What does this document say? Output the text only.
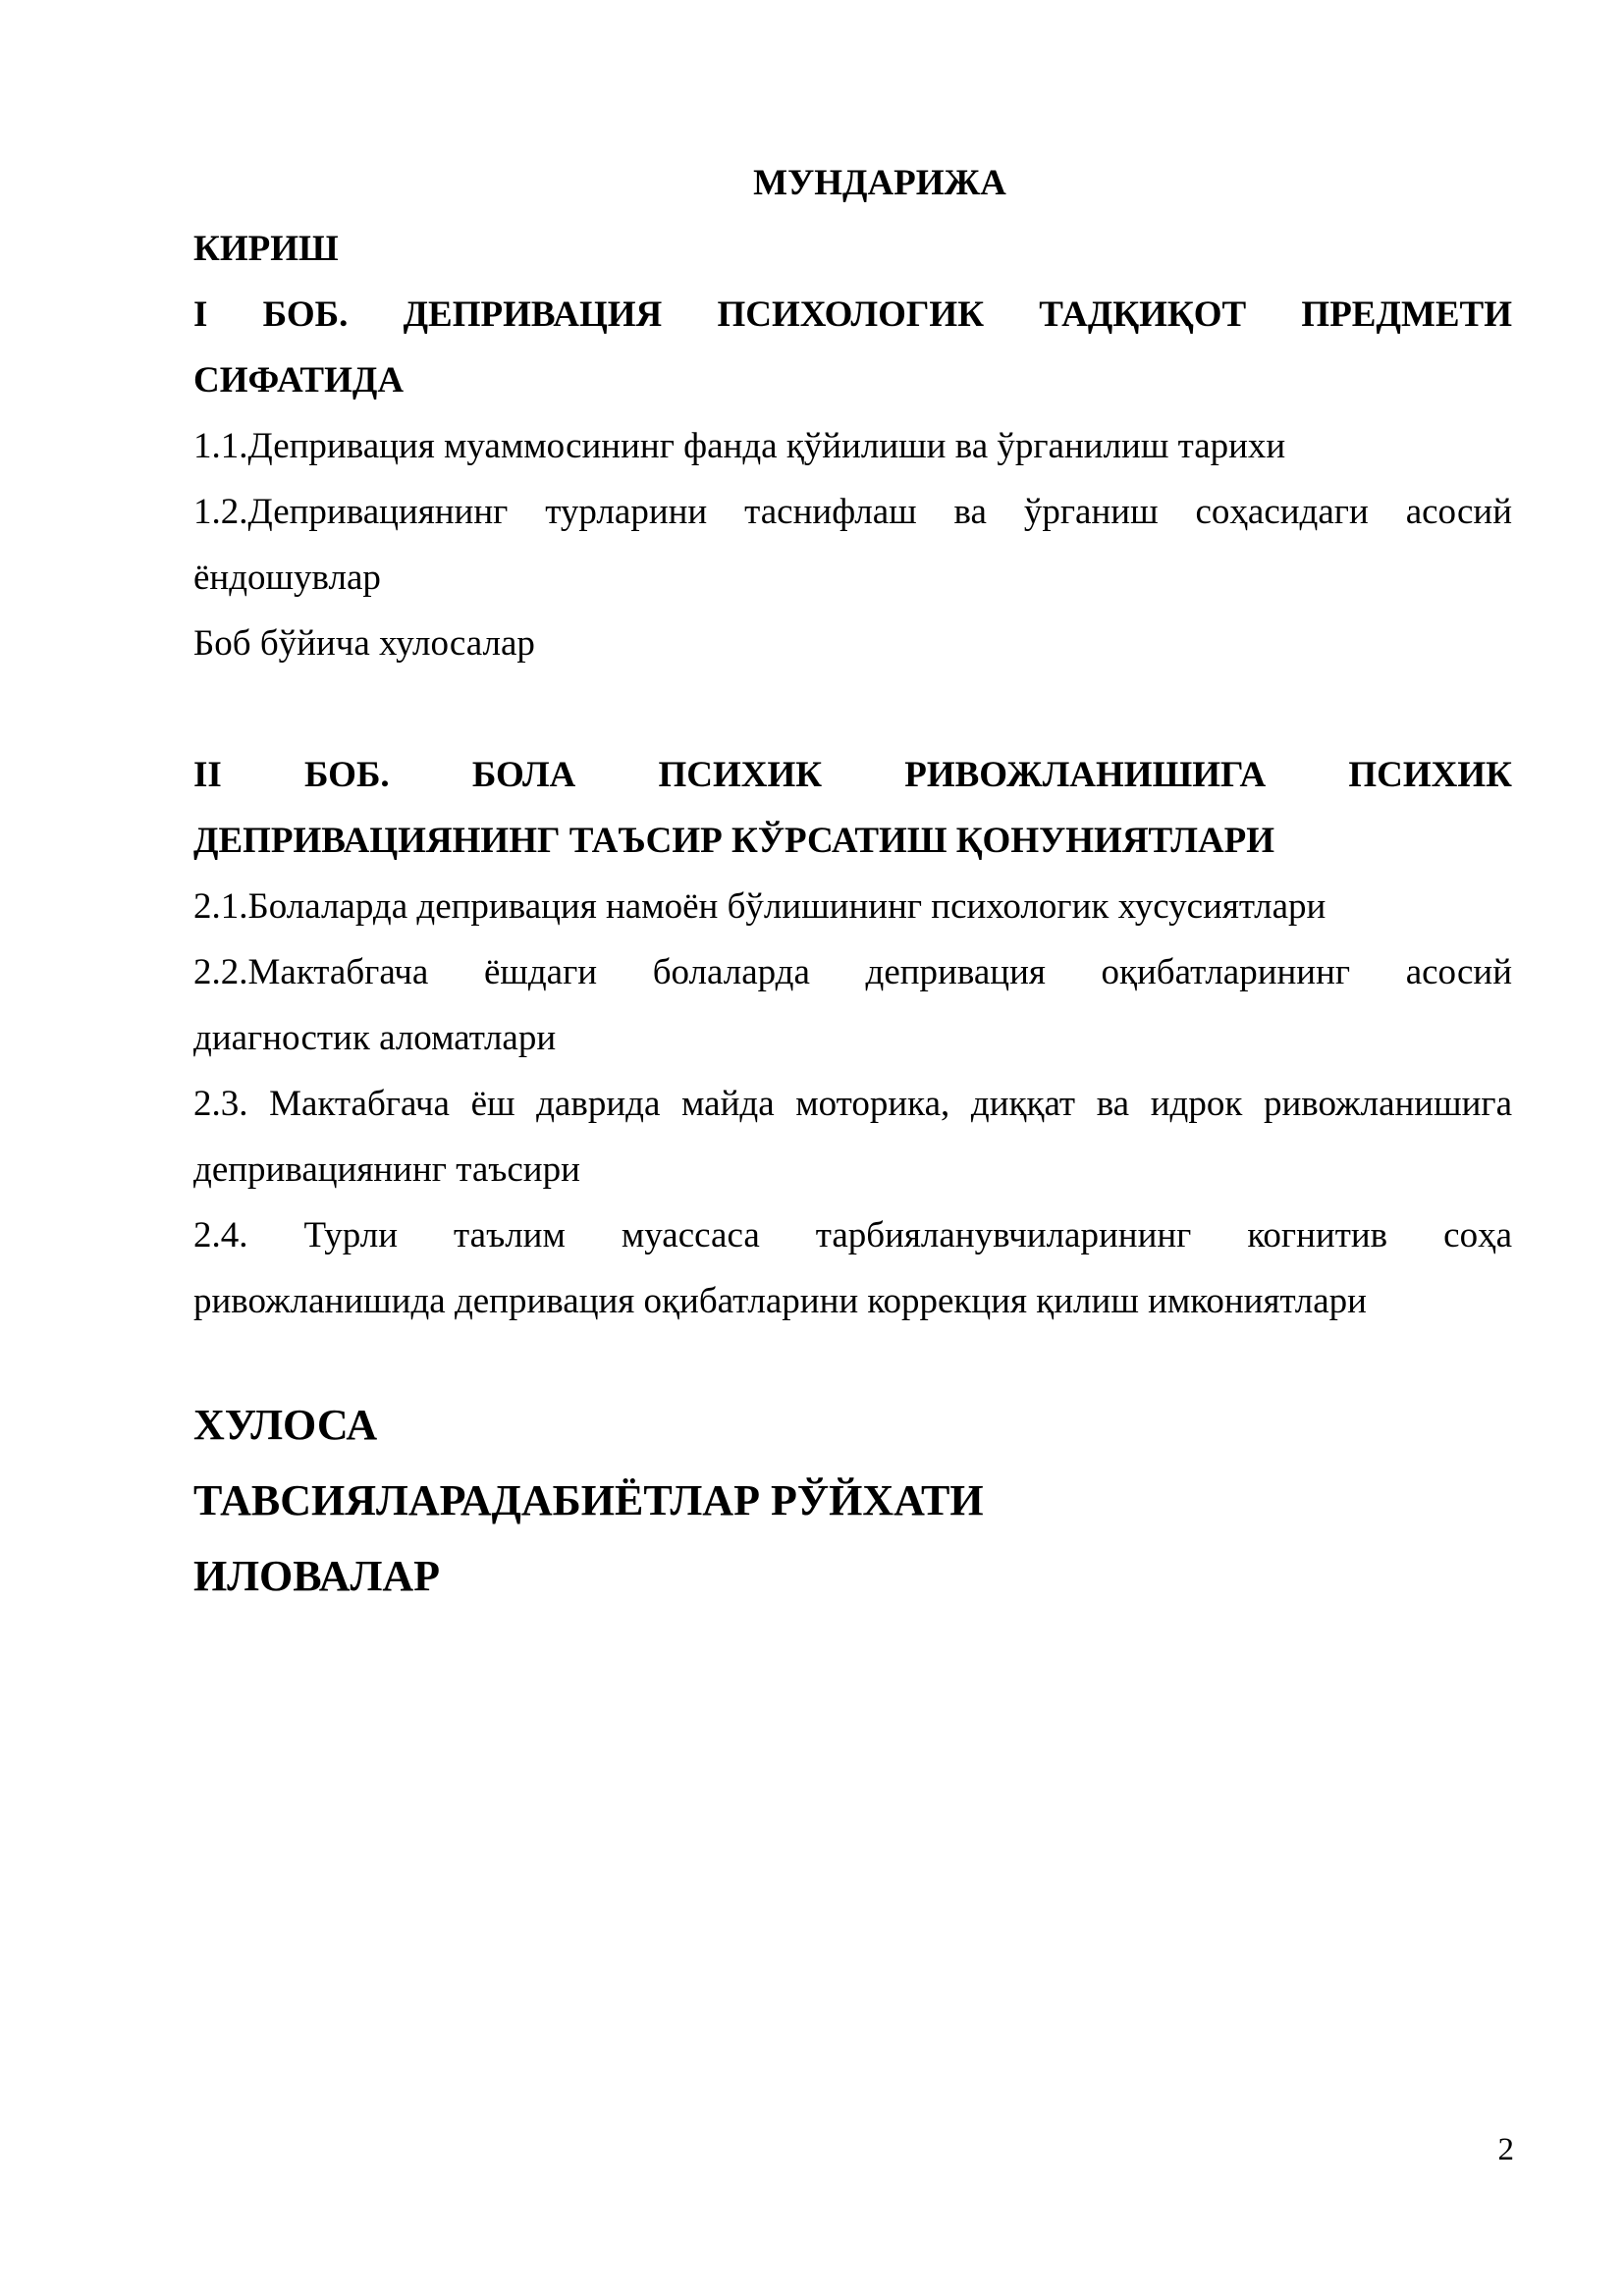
МУНДАРИЖА
КИРИШ
I БОБ. ДЕПРИВАЦИЯ ПСИХОЛОГИК ТАДҚИҚОТ ПРЕДМЕТИ
СИФАТИДА
1.1.Депривация муаммосининг фанда қўйилиши ва ўрганилиш тарихи
1.2.Депривациянинг турларини таснифлаш ва ўрганиш соҳасидаги асосий
ёндошувлар
Боб бўйича хулосалар
II БОБ. БОЛА ПСИХИК РИВОЖЛАНИШИГА ПСИХИК
ДЕПРИВАЦИЯНИНГ ТАЪСИР КЎРСАТИШ ҚОНУНИЯТЛАРИ
2.1.Болаларда депривация намоён бўлишининг психологик хусусиятлари
2.2.Мактабгача ёшдаги болаларда депривация оқибатларининг асосий
диагностик аломатлари
2.3. Мактабгача ёш даврида майда моторика, диққат ва идрок ривожланишига
депривациянинг таъсири
2.4. Турли таълим муассаса тарбияланувчиларининг когнитив соҳа
ривожланишида депривация оқибатларини коррекция қилиш имкониятлари
ХУЛОСА
ТАВСИЯЛАРАДАБИЁТЛАР РЎЙХАТИ
ИЛОВАЛАР
2
